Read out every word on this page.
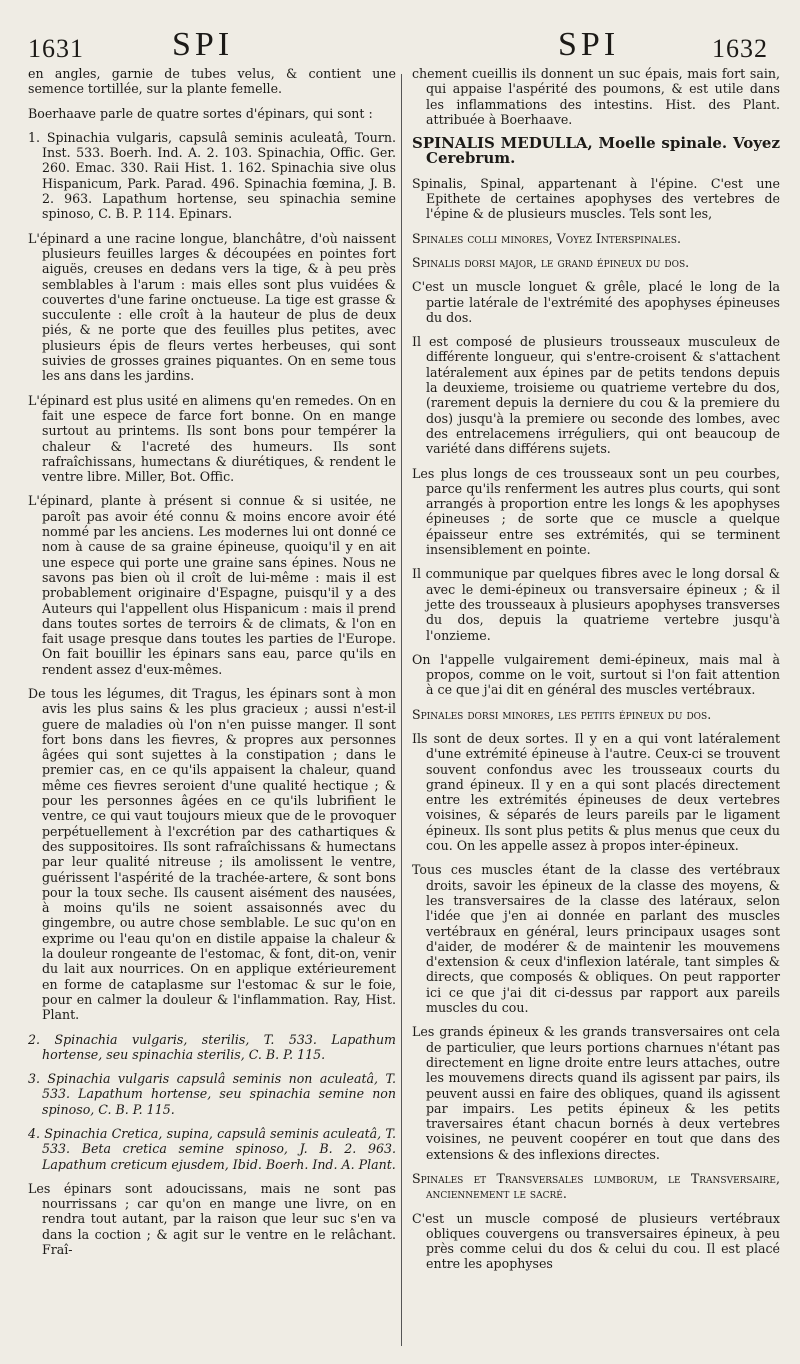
1631	SPI	SPI	1632

en angles, garnie de tubes velus, & contient une semence tortillée, sur la plante femelle.

Boerhaave parle de quatre sortes d'épinars, qui sont :

1. Spinachia vulgaris, capsulâ seminis aculeatâ, Tourn. Inst. 533. Boerh. Ind. A. 2. 103. Spinachia, Offic. Ger. 260. Emac. 330. Raii Hist. 1. 162. Spinachia sive olus Hispanicum, Park. Parad. 496. Spinachia fœmina, J. B. 2. 963. Lapathum hortense, seu spinachia semine spinoso, C. B. P. 114. Epinars.

L'épinard a une racine longue, blanchâtre, d'où naissent plusieurs feuilles larges & découpées en pointes fort aiguës, creuses en dedans vers la tige, & à peu près semblables à l'arum : mais elles sont plus vuidées & couvertes d'une farine onctueuse. La tige est grasse & succulente : elle croît à la hauteur de plus de deux piés, & ne porte que des feuilles plus petites, avec plusieurs épis de fleurs vertes herbeuses, qui sont suivies de grosses graines piquantes. On en seme tous les ans dans les jardins.

L'épinard est plus usité en alimens qu'en remedes. On en fait une espece de farce fort bonne. On en mange surtout au printems. Ils sont bons pour tempérer la chaleur & l'acreté des humeurs. Ils sont rafraîchissans, humectans & diurétiques, & rendent le ventre libre. Miller, Bot. Offic.

L'épinard, plante à présent si connue & si usitée, ne paroît pas avoir été connu & moins encore avoir été nommé par les anciens. Les modernes lui ont donné ce nom à cause de sa graine épineuse, quoiqu'il y en ait une espece qui porte une graine sans épines. Nous ne savons pas bien où il croît de lui-même : mais il est probablement originaire d'Espagne, puisqu'il y a des Auteurs qui l'appellent olus Hispanicum : mais il prend dans toutes sortes de terroirs & de climats, & l'on en fait usage presque dans toutes les parties de l'Europe. On fait bouillir les épinars sans eau, parce qu'ils en rendent assez d'eux-mêmes.

De tous les légumes, dit Tragus, les épinars sont à mon avis les plus sains & les plus gracieux ; aussi n'est-il guere de maladies où l'on n'en puisse manger. Il sont fort bons dans les fievres, & propres aux personnes âgées qui sont sujettes à la constipation ; dans le premier cas, en ce qu'ils appaisent la chaleur, quand même ces fievres seroient d'une qualité hectique ; & pour les personnes âgées en ce qu'ils lubrifient le ventre, ce qui vaut toujours mieux que de le provoquer perpétuellement à l'excrétion par des cathartiques & des suppositoires. Ils sont rafraîchissans & humectans par leur qualité nitreuse ; ils amolissent le ventre, guérissent l'aspérité de la trachée-artere, & sont bons pour la toux seche. Ils causent aisément des nausées, à moins qu'ils ne soient assaisonnés avec du gingembre, ou autre chose semblable. Le suc qu'on en exprime ou l'eau qu'on en distile appaise la chaleur & la douleur rongeante de l'estomac, & font, dit-on, venir du lait aux nourrices. On en applique extérieurement en forme de cataplasme sur l'estomac & sur le foie, pour en calmer la douleur & l'inflammation. Ray, Hist. Plant.

2. Spinachia vulgaris, sterilis, T. 533. Lapathum hortense, seu spinachia sterilis, C. B. P. 115.

3. Spinachia vulgaris capsulâ seminis non aculeatâ, T. 533. Lapathum hortense, seu spinachia semine non spinoso, C. B. P. 115.

4. Spinachia Cretica, supina, capsulâ seminis aculeatâ, T. 533. Beta cretica semine spinoso, J. B. 2. 963. Lapathum creticum ejusdem, Ibid. Boerh. Ind. A. Plant.

Les épinars sont adoucissans, mais ne sont pas nourrissans ; car qu'on en mange une livre, on en rendra tout autant, par la raison que leur suc s'en va dans la coction ; & agit sur le ventre en le relâchant. Fraî-

chement cueillis ils donnent un suc épais, mais fort sain, qui appaise l'aspérité des poumons, & est utile dans les inflammations des intestins. Hist. des Plant. attribuée à Boerhaave.

SPINALIS MEDULLA, Moelle spinale. Voyez Cerebrum.

Spinalis, Spinal, appartenant à l'épine. C'est une Epithete de certaines apophyses des vertebres de l'épine & de plusieurs muscles. Tels sont les,

Spinales colli minores, Voyez Interspinales.

Spinalis dorsi major, le grand épineux du dos.

C'est un muscle longuet & grêle, placé le long de la partie latérale de l'extrémité des apophyses épineuses du dos.

Il est composé de plusieurs trousseaux musculeux de différente longueur, qui s'entre-croisent & s'attachent latéralement aux épines par de petits tendons depuis la deuxieme, troisieme ou quatrieme vertebre du dos, (rarement depuis la derniere du cou & la premiere du dos) jusqu'à la premiere ou seconde des lombes, avec des entrelacemens irréguliers, qui ont beaucoup de variété dans différens sujets.

Les plus longs de ces trousseaux sont un peu courbes, parce qu'ils renferment les autres plus courts, qui sont arrangés à proportion entre les longs & les apophyses épineuses ; de sorte que ce muscle a quelque épaisseur entre ses extrémités, qui se terminent insensiblement en pointe.

Il communique par quelques fibres avec le long dorsal & avec le demi-épineux ou transversaire épineux ; & il jette des trousseaux à plusieurs apophyses transverses du dos, depuis la quatrieme vertebre jusqu'à l'onzieme.

On l'appelle vulgairement demi-épineux, mais mal à propos, comme on le voit, surtout si l'on fait attention à ce que j'ai dit en général des muscles vertébraux.

Spinales dorsi minores, les petits épineux du dos.

Ils sont de deux sortes. Il y en a qui vont latéralement d'une extrémité épineuse à l'autre. Ceux-ci se trouvent souvent confondus avec les trousseaux courts du grand épineux. Il y en a qui sont placés directement entre les extrémités épineuses de deux vertebres voisines, & séparés de leurs pareils par le ligament épineux. Ils sont plus petits & plus menus que ceux du cou. On les appelle assez à propos inter-épineux.

Tous ces muscles étant de la classe des vertébraux droits, savoir les épineux de la classe des moyens, & les transversaires de la classe des latéraux, selon l'idée que j'en ai donnée en parlant des muscles vertébraux en général, leurs principaux usages sont d'aider, de modérer & de maintenir les mouvemens d'extension & ceux d'inflexion latérale, tant simples & directs, que composés & obliques. On peut rapporter ici ce que j'ai dit ci-dessus par rapport aux pareils muscles du cou.

Les grands épineux & les grands transversaires ont cela de particulier, que leurs portions charnues n'étant pas directement en ligne droite entre leurs attaches, outre les mouvemens directs quand ils agissent par pairs, ils peuvent aussi en faire des obliques, quand ils agissent par impairs. Les petits épineux & les petits traversaires étant chacun bornés à deux vertebres voisines, ne peuvent coopérer en tout que dans des extensions & des inflexions directes.

Spinales et Transversales lumborum, le Transversaire, anciennement le sacré.

C'est un muscle composé de plusieurs vertébraux obliques couvergens ou transversaires épineux, à peu près comme celui du dos & celui du cou. Il est placé entre les apophyses
